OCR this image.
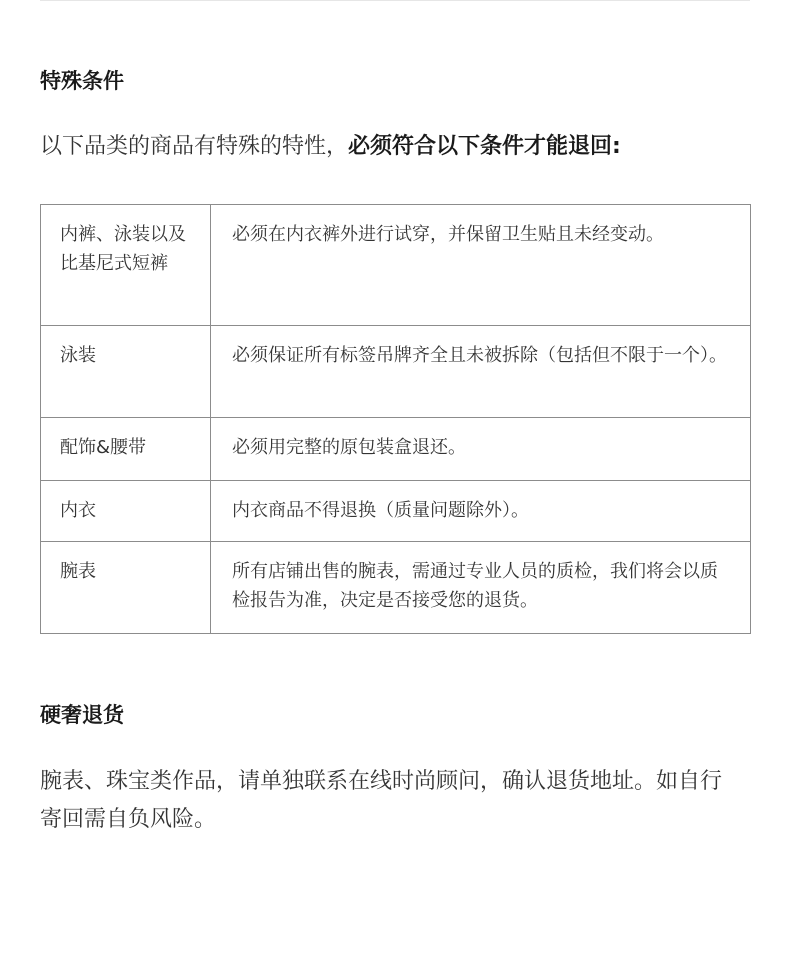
特殊条件

以下品类的商品有特殊的特性，必须符合以下条件才能退回:

内裤、泳装以及比基尼式短裤	必须在内衣裤外进行试穿，并保留卫生贴且未经变动。
泳装	必须保证所有标签吊牌齐全且未被拆除（包括但不限于一个）。
配饰&腰带	必须用完整的原包装盒退还。
内衣	内衣商品不得退换（质量问题除外）。
腕表	所有店铺出售的腕表，需通过专业人员的质检，我们将会以质检报告为准，决定是否接受您的退货。
硬奢退货

腕表、珠宝类作品，请单独联系在线时尚顾问，确认退货地址。如自行寄回需自负风险。
